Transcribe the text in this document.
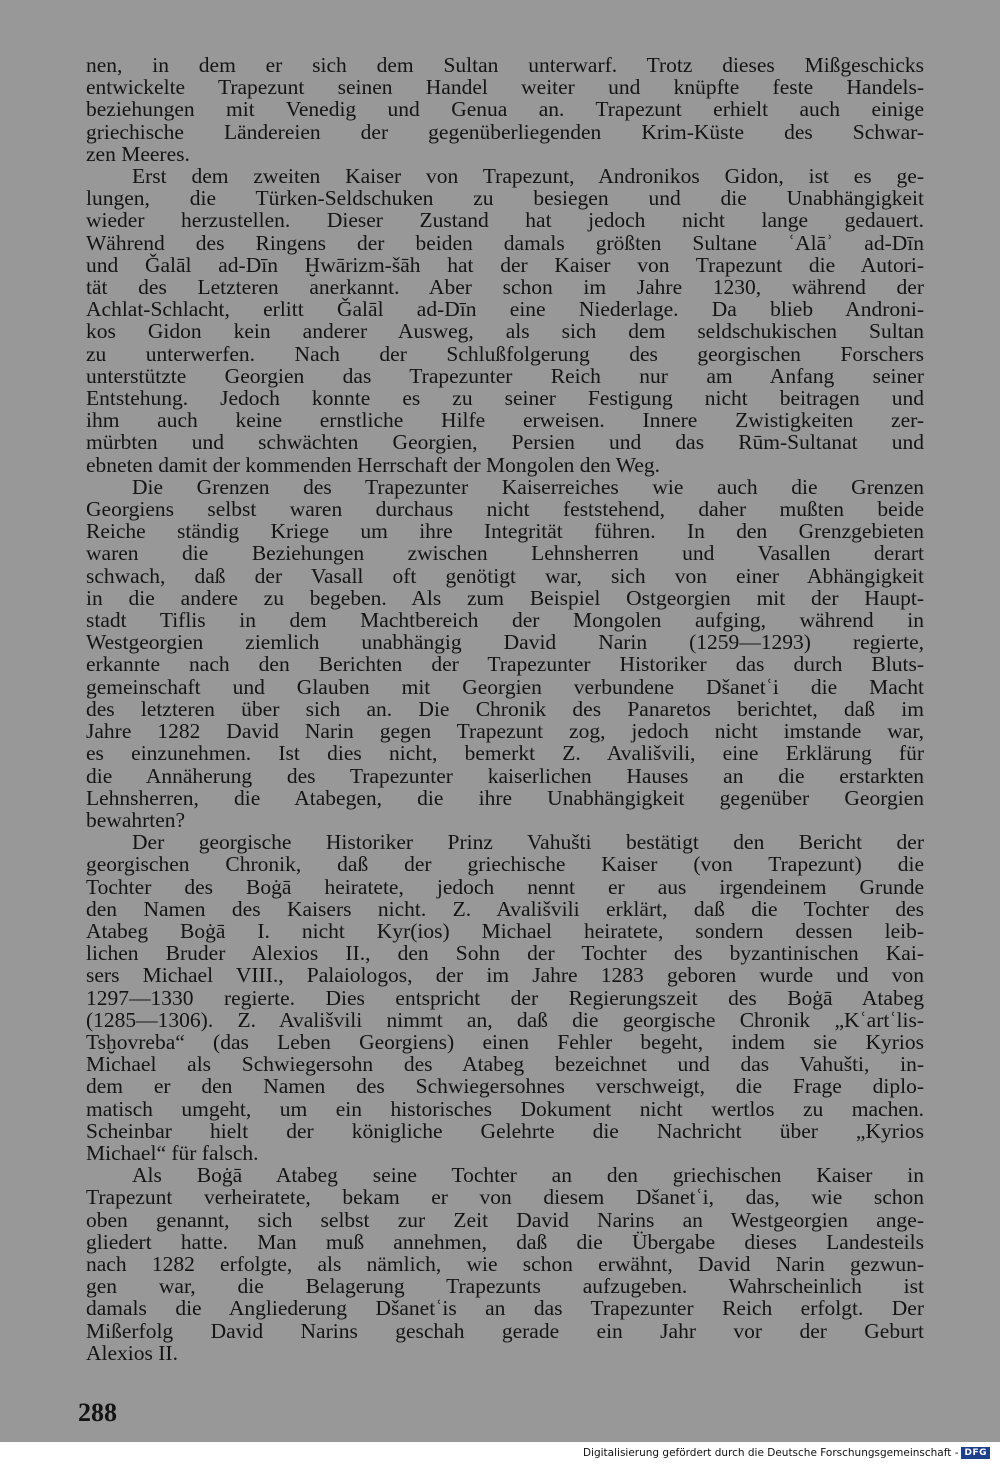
nen, in dem er sich dem Sultan unterwarf. Trotz dieses Mißgeschicks
entwickelte Trapezunt seinen Handel weiter und knüpfte feste Handels-
beziehungen mit Venedig und Genua an. Trapezunt erhielt auch einige
griechische Ländereien der gegenüberliegenden Krim-Küste des Schwar-
zen Meeres.

Erst dem zweiten Kaiser von Trapezunt, Andronikos Gidon, ist es ge-
lungen, die Türken-Seldschuken zu besiegen und die Unabhängigkeit
wieder herzustellen. Dieser Zustand hat jedoch nicht lange gedauert.
Während des Ringens der beiden damals größten Sultane ʿAlāʾ ad-Dīn
und Ǧalāl ad-Dīn Ḫwārizm-šāh hat der Kaiser von Trapezunt die Autori-
tät des Letzteren anerkannt. Aber schon im Jahre 1230, während der
Achlat-Schlacht, erlitt Ǧalāl ad-Dīn eine Niederlage. Da blieb Androni-
kos Gidon kein anderer Ausweg, als sich dem seldschukischen Sultan
zu unterwerfen. Nach der Schlußfolgerung des georgischen Forschers
unterstützte Georgien das Trapezunter Reich nur am Anfang seiner
Entstehung. Jedoch konnte es zu seiner Festigung nicht beitragen und
ihm auch keine ernstliche Hilfe erweisen. Innere Zwistigkeiten zer-
mürbten und schwächten Georgien, Persien und das Rūm-Sultanat und
ebneten damit der kommenden Herrschaft der Mongolen den Weg.

Die Grenzen des Trapezunter Kaiserreiches wie auch die Grenzen
Georgiens selbst waren durchaus nicht feststehend, daher mußten beide
Reiche ständig Kriege um ihre Integrität führen. In den Grenzgebieten
waren die Beziehungen zwischen Lehnsherren und Vasallen derart
schwach, daß der Vasall oft genötigt war, sich von einer Abhängigkeit
in die andere zu begeben. Als zum Beispiel Ostgeorgien mit der Haupt-
stadt Tiflis in dem Machtbereich der Mongolen aufging, während in
Westgeorgien ziemlich unabhängig David Narin (1259—1293) regierte,
erkannte nach den Berichten der Trapezunter Historiker das durch Bluts-
gemeinschaft und Glauben mit Georgien verbundene Dšanetʿi die Macht
des letzteren über sich an. Die Chronik des Panaretos berichtet, daß im
Jahre 1282 David Narin gegen Trapezunt zog, jedoch nicht imstande war,
es einzunehmen. Ist dies nicht, bemerkt Z. Avališvili, eine Erklärung für
die Annäherung des Trapezunter kaiserlichen Hauses an die erstarkten
Lehnsherren, die Atabegen, die ihre Unabhängigkeit gegenüber Georgien
bewahrten?

Der georgische Historiker Prinz Vahušti bestätigt den Bericht der
georgischen Chronik, daß der griechische Kaiser (von Trapezunt) die
Tochter des Boġā heiratete, jedoch nennt er aus irgendeinem Grunde
den Namen des Kaisers nicht. Z. Avališvili erklärt, daß die Tochter des
Atabeg Boġā I. nicht Kyr(ios) Michael heiratete, sondern dessen leib-
lichen Bruder Alexios II., den Sohn der Tochter des byzantinischen Kai-
sers Michael VIII., Palaiologos, der im Jahre 1283 geboren wurde und von
1297—1330 regierte. Dies entspricht der Regierungszeit des Boġā Atabeg
(1285—1306). Z. Avališvili nimmt an, daß die georgische Chronik „Kʿartʿlis-
Tsḫovreba“ (das Leben Georgiens) einen Fehler begeht, indem sie Kyrios
Michael als Schwiegersohn des Atabeg bezeichnet und das Vahušti, in-
dem er den Namen des Schwiegersohnes verschweigt, die Frage diplo-
matisch umgeht, um ein historisches Dokument nicht wertlos zu machen.
Scheinbar hielt der königliche Gelehrte die Nachricht über „Kyrios
Michael“ für falsch.

Als Boġā Atabeg seine Tochter an den griechischen Kaiser in
Trapezunt verheiratete, bekam er von diesem Dšanetʿi, das, wie schon
oben genannt, sich selbst zur Zeit David Narins an Westgeorgien ange-
gliedert hatte. Man muß annehmen, daß die Übergabe dieses Landesteils
nach 1282 erfolgte, als nämlich, wie schon erwähnt, David Narin gezwun-
gen war, die Belagerung Trapezunts aufzugeben. Wahrscheinlich ist
damals die Angliederung Dšanetʿis an das Trapezunter Reich erfolgt. Der
Mißerfolg David Narins geschah gerade ein Jahr vor der Geburt
Alexios II.

288
Digitalisierung gefördert durch die Deutsche Forschungsgemeinschaft - DFG
